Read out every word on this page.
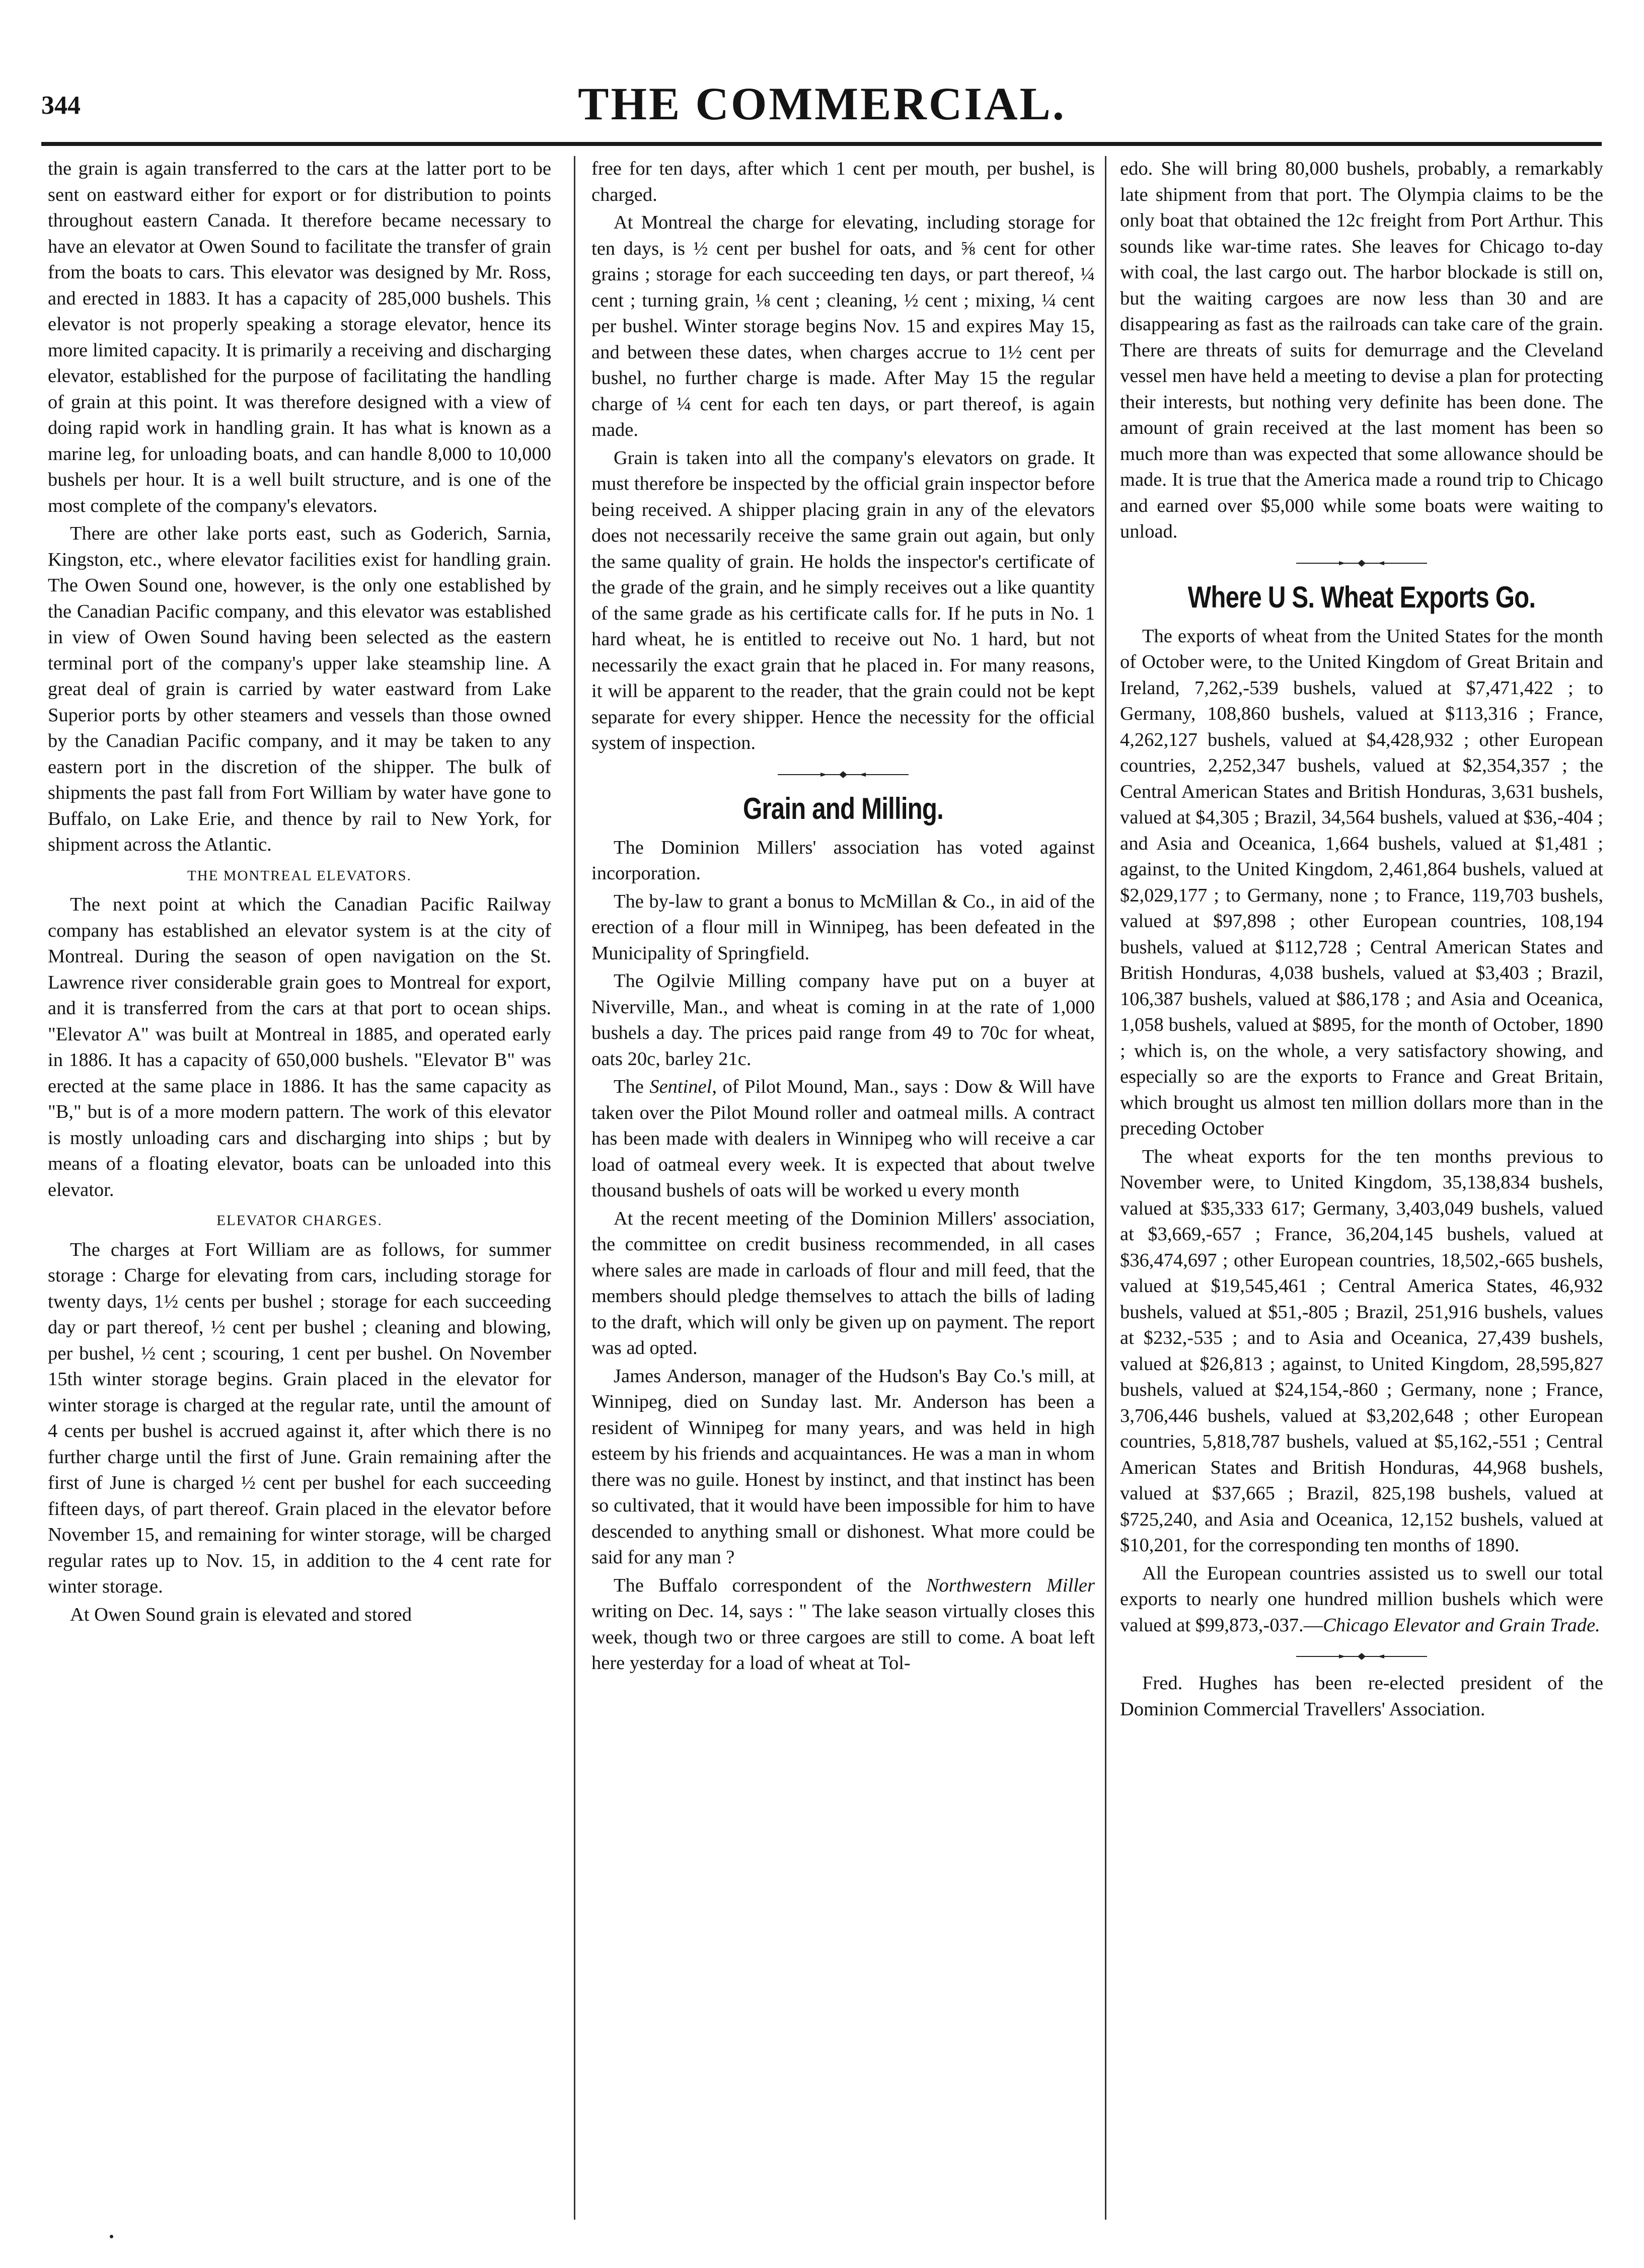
344	THE COMMERCIAL.

the grain is again transferred to the cars at the latter port to be sent on eastward either for export or for distribution to points throughout eastern Canada. It therefore became necessary to have an elevator at Owen Sound to facilitate the transfer of grain from the boats to cars. This elevator was designed by Mr. Ross, and erected in 1883. It has a capacity of 285,000 bushels. This elevator is not properly speaking a storage elevator, hence its more limited capacity. It is primarily a receiving and discharging elevator, established for the purpose of facilitating the handling of grain at this point. It was therefore designed with a view of doing rapid work in handling grain. It has what is known as a marine leg, for unloading boats, and can handle 8,000 to 10,000 bushels per hour. It is a well built structure, and is one of the most complete of the company's elevators.

There are other lake ports east, such as Goderich, Sarnia, Kingston, etc., where elevator facilities exist for handling grain. The Owen Sound one, however, is the only one established by the Canadian Pacific company, and this elevator was established in view of Owen Sound having been selected as the eastern terminal port of the company's upper lake steamship line. A great deal of grain is carried by water eastward from Lake Superior ports by other steamers and vessels than those owned by the Canadian Pacific company, and it may be taken to any eastern port in the discretion of the shipper. The bulk of shipments the past fall from Fort William by water have gone to Buffalo, on Lake Erie, and thence by rail to New York, for shipment across the Atlantic.

THE MONTREAL ELEVATORS.

The next point at which the Canadian Pacific Railway company has established an elevator system is at the city of Montreal. During the season of open navigation on the St. Lawrence river considerable grain goes to Montreal for export, and it is transferred from the cars at that port to ocean ships. "Elevator A" was built at Montreal in 1885, and operated early in 1886. It has a capacity of 650,000 bushels. "Elevator B" was erected at the same place in 1886. It has the same capacity as "B," but is of a more modern pattern. The work of this elevator is mostly unloading cars and discharging into ships ; but by means of a floating elevator, boats can be unloaded into this elevator.

ELEVATOR CHARGES.

The charges at Fort William are as follows, for summer storage : Charge for elevating from cars, including storage for twenty days, 1½ cents per bushel ; storage for each succeeding day or part thereof, ½ cent per bushel ; cleaning and blowing, per bushel, ½ cent ; scouring, 1 cent per bushel. On November 15th winter storage begins. Grain placed in the elevator for winter storage is charged at the regular rate, until the amount of 4 cents per bushel is accrued against it, after which there is no further charge until the first of June. Grain remaining after the first of June is charged ½ cent per bushel for each succeeding fifteen days, of part thereof. Grain placed in the elevator before November 15, and remaining for winter storage, will be charged regular rates up to Nov. 15, in addition to the 4 cent rate for winter storage.

At Owen Sound grain is elevated and stored

free for ten days, after which 1 cent per mouth, per bushel, is charged.

At Montreal the charge for elevating, including storage for ten days, is ½ cent per bushel for oats, and ⅝ cent for other grains ; storage for each succeeding ten days, or part thereof, ¼ cent ; turning grain, ⅛ cent ; cleaning, ½ cent ; mixing, ¼ cent per bushel. Winter storage begins Nov. 15 and expires May 15, and between these dates, when charges accrue to 1½ cent per bushel, no further charge is made. After May 15 the regular charge of ¼ cent for each ten days, or part thereof, is again made.

Grain is taken into all the company's elevators on grade. It must therefore be inspected by the official grain inspector before being received. A shipper placing grain in any of the elevators does not necessarily receive the same grain out again, but only the same quality of grain. He holds the inspector's certificate of the grade of the grain, and he simply receives out a like quantity of the same grade as his certificate calls for. If he puts in No. 1 hard wheat, he is entitled to receive out No. 1 hard, but not necessarily the exact grain that he placed in. For many reasons, it will be apparent to the reader, that the grain could not be kept separate for every shipper. Hence the necessity for the official system of inspection.

Grain and Milling.

The Dominion Millers' association has voted against incorporation.

The by-law to grant a bonus to McMillan & Co., in aid of the erection of a flour mill in Winnipeg, has been defeated in the Municipality of Springfield.

The Ogilvie Milling company have put on a buyer at Niverville, Man., and wheat is coming in at the rate of 1,000 bushels a day. The prices paid range from 49 to 70c for wheat, oats 20c, barley 21c.

The Sentinel, of Pilot Mound, Man., says : Dow & Will have taken over the Pilot Mound roller and oatmeal mills. A contract has been made with dealers in Winnipeg who will receive a car load of oatmeal every week. It is expected that about twelve thousand bushels of oats will be worked u every month

At the recent meeting of the Dominion Millers' association, the committee on credit business recommended, in all cases where sales are made in carloads of flour and mill feed, that the members should pledge themselves to attach the bills of lading to the draft, which will only be given up on payment. The report was ad opted.

James Anderson, manager of the Hudson's Bay Co.'s mill, at Winnipeg, died on Sunday last. Mr. Anderson has been a resident of Winnipeg for many years, and was held in high esteem by his friends and acquaintances. He was a man in whom there was no guile. Honest by instinct, and that instinct has been so cultivated, that it would have been impossible for him to have descended to anything small or dishonest. What more could be said for any man ?

The Buffalo correspondent of the Northwestern Miller writing on Dec. 14, says : " The lake season virtually closes this week, though two or three cargoes are still to come. A boat left here yesterday for a load of wheat at Tol-

edo. She will bring 80,000 bushels, probably, a remarkably late shipment from that port. The Olympia claims to be the only boat that obtained the 12c freight from Port Arthur. This sounds like war-time rates. She leaves for Chicago to-day with coal, the last cargo out. The harbor blockade is still on, but the waiting cargoes are now less than 30 and are disappearing as fast as the railroads can take care of the grain. There are threats of suits for demurrage and the Cleveland vessel men have held a meeting to devise a plan for protecting their interests, but nothing very definite has been done. The amount of grain received at the last moment has been so much more than was expected that some allowance should be made. It is true that the America made a round trip to Chicago and earned over $5,000 while some boats were waiting to unload.

Where U S. Wheat Exports Go.

The exports of wheat from the United States for the month of October were, to the United Kingdom of Great Britain and Ireland, 7,262,-539 bushels, valued at $7,471,422 ; to Germany, 108,860 bushels, valued at $113,316 ; France, 4,262,127 bushels, valued at $4,428,932 ; other European countries, 2,252,347 bushels, valued at $2,354,357 ; the Central American States and British Honduras, 3,631 bushels, valued at $4,305 ; Brazil, 34,564 bushels, valued at $36,-404 ; and Asia and Oceanica, 1,664 bushels, valued at $1,481 ; against, to the United Kingdom, 2,461,864 bushels, valued at $2,029,177 ; to Germany, none ; to France, 119,703 bushels, valued at $97,898 ; other European countries, 108,194 bushels, valued at $112,728 ; Central American States and British Honduras, 4,038 bushels, valued at $3,403 ; Brazil, 106,387 bushels, valued at $86,178 ; and Asia and Oceanica, 1,058 bushels, valued at $895, for the month of October, 1890 ; which is, on the whole, a very satisfactory showing, and especially so are the exports to France and Great Britain, which brought us almost ten million dollars more than in the preceding October

The wheat exports for the ten months previous to November were, to United Kingdom, 35,138,834 bushels, valued at $35,333 617; Germany, 3,403,049 bushels, valued at $3,669,-657 ; France, 36,204,145 bushels, valued at $36,474,697 ; other European countries, 18,502,-665 bushels, valued at $19,545,461 ; Central America States, 46,932 bushels, valued at $51,-805 ; Brazil, 251,916 bushels, values at $232,-535 ; and to Asia and Oceanica, 27,439 bushels, valued at $26,813 ; against, to United Kingdom, 28,595,827 bushels, valued at $24,154,-860 ; Germany, none ; France, 3,706,446 bushels, valued at $3,202,648 ; other European countries, 5,818,787 bushels, valued at $5,162,-551 ; Central American States and British Honduras, 44,968 bushels, valued at $37,665 ; Brazil, 825,198 bushels, valued at $725,240, and Asia and Oceanica, 12,152 bushels, valued at $10,201, for the corresponding ten months of 1890.

All the European countries assisted us to swell our total exports to nearly one hundred million bushels which were valued at $99,873,-037.—Chicago Elevator and Grain Trade.

Fred. Hughes has been re-elected president of the Dominion Commercial Travellers' Association.
